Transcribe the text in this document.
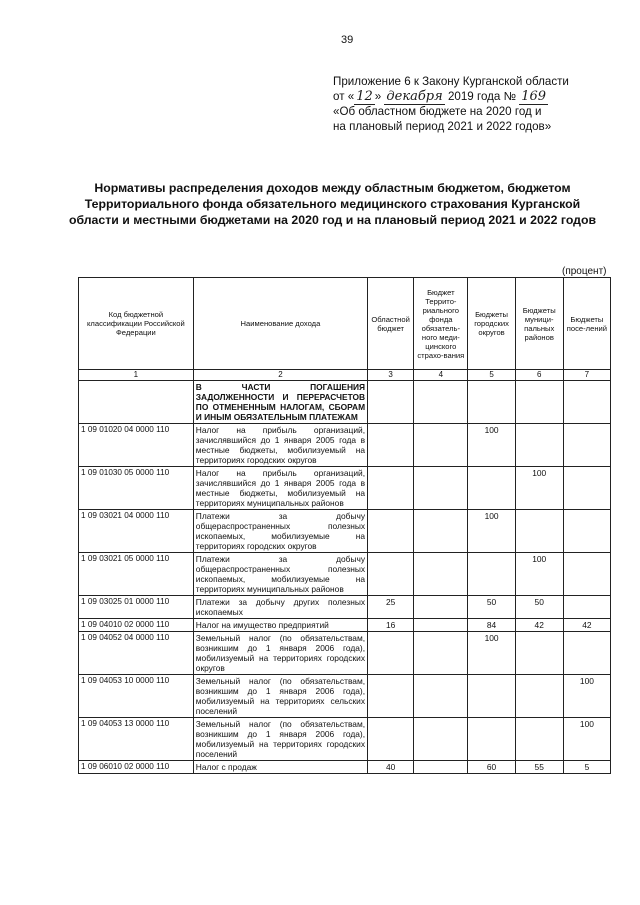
39
Приложение 6 к Закону Курганской области
от « 12 » декабря 2019 года № 169
«Об областном бюджете на 2020 год и
на плановый период 2021 и 2022 годов»
Нормативы распределения доходов между областным бюджетом, бюджетом Территориального фонда обязательного медицинского страхования Курганской области и местными бюджетами на 2020 год и на плановый период 2021 и 2022 годов
(процент)
Код бюджетной классификации Российской Федерации	Наименование дохода	Областной бюджет	Бюджет Террито-риального фонда обязатель-ного меди-цинского страхо-вания	Бюджеты городских округов	Бюджеты муници-пальных районов	Бюджеты посе-лений
1	2	3	4	5	6	7
	В ЧАСТИ ПОГАШЕНИЯ ЗАДОЛЖЕННОСТИ И ПЕРЕРАСЧЕТОВ ПО ОТМЕНЕННЫМ НАЛОГАМ, СБОРАМ И ИНЫМ ОБЯЗАТЕЛЬНЫМ ПЛАТЕЖАМ					
1 09 01020 04 0000 110	Налог на прибыль организаций, зачислявшийся до 1 января 2005 года в местные бюджеты, мобилизуемый на территориях городских округов			100		
1 09 01030 05 0000 110	Налог на прибыль организаций, зачислявшийся до 1 января 2005 года в местные бюджеты, мобилизуемый на территориях муниципальных районов				100	
1 09 03021 04 0000 110	Платежи за добычу общераспространенных полезных ископаемых, мобилизуемые на территориях городских округов			100		
1 09 03021 05 0000 110	Платежи за добычу общераспространенных полезных ископаемых, мобилизуемые на территориях муниципальных районов				100	
1 09 03025 01 0000 110	Платежи за добычу других полезных ископаемых	25		50	50	
1 09 04010 02 0000 110	Налог на имущество предприятий	16		84	42	42
1 09 04052 04 0000 110	Земельный налог (по обязательствам, возникшим до 1 января 2006 года), мобилизуемый на территориях городских округов			100		
1 09 04053 10 0000 110	Земельный налог (по обязательствам, возникшим до 1 января 2006 года), мобилизуемый на территориях сельских поселений					100
1 09 04053 13 0000 110	Земельный налог (по обязательствам, возникшим до 1 января 2006 года), мобилизуемый на территориях городских поселений					100
1 09 06010 02 0000 110	Налог с продаж	40		60	55	5
